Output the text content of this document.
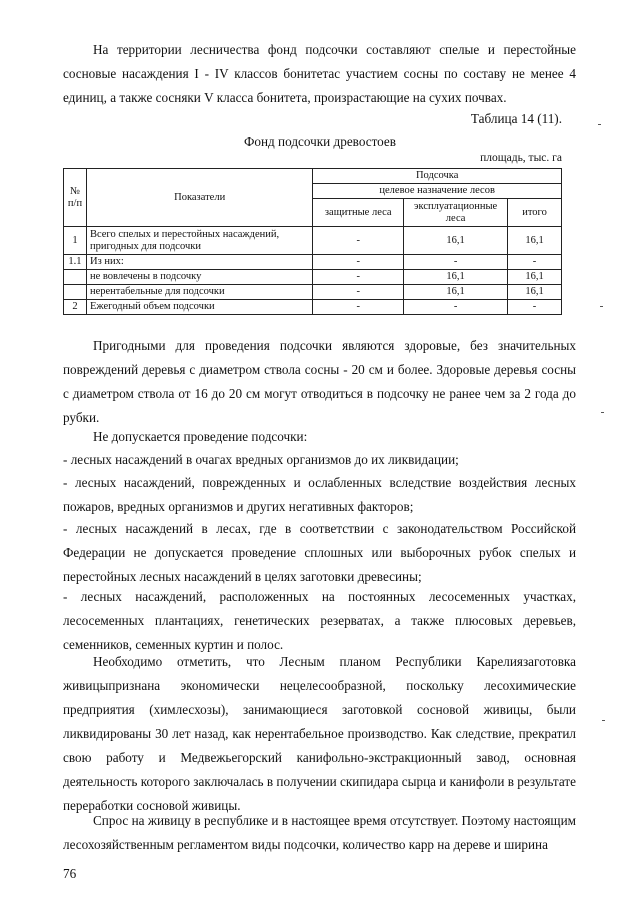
На территории лесничества фонд подсочки составляют спелые и перестойные сосновые насаждения I - IV классов бонитетас участием сосны по составу не менее 4 единиц, а также сосняки V класса бонитета, произрастающие на сухих почвах.
Таблица 14 (11).
Фонд подсочки древостоев
площадь, тыс. га
№ п/п	Показатели	Подсочка		
		целевое назначение лесов		
		защитные леса	эксплуатационные леса	итого
1	Всего спелых и перестойных насаждений, пригодных для подсочки	-	16,1	16,1
1.1	Из них:	-	-	-
	не вовлечены в подсочку	-	16,1	16,1
	нерентабельные для подсочки	-	16,1	16,1
2	Ежегодный объем подсочки	-	-	-
Пригодными для проведения подсочки являются здоровые, без значительных повреждений деревья с диаметром ствола сосны - 20 см и более. Здоровые деревья сосны с диаметром ствола от 16 до 20 см могут отводиться в подсочку не ранее чем за 2 года до рубки.
Не допускается проведение подсочки:
- лесных насаждений в очагах вредных организмов до их ликвидации;
- лесных насаждений, поврежденных и ослабленных вследствие воздействия лесных пожаров, вредных организмов и других негативных факторов;
- лесных насаждений в лесах, где в соответствии с законодательством Российской Федерации не допускается проведение сплошных или выборочных рубок спелых и перестойных лесных насаждений в целях заготовки древесины;
- лесных насаждений, расположенных на постоянных лесосеменных участках, лесосеменных плантациях, генетических резерватах, а также плюсовых деревьев, семенников, семенных куртин и полос.
Необходимо отметить, что Лесным планом Республики Карелиязаготовка живицыпризнана экономически нецелесообразной, поскольку лесохимические предприятия (химлесхозы), занимающиеся заготовкой сосновой живицы, были ликвидированы 30 лет назад, как нерентабельное производство. Как следствие, прекратил свою работу и Медвежьегорский канифольно-экстракционный завод, основная деятельность которого заключалась в получении скипидара сырца и канифоли в результате переработки сосновой живицы.
Спрос на живицу в республике и в настоящее время отсутствует. Поэтому настоящим лесохозяйственным регламентом виды подсочки, количество карр на дереве и ширина
76
